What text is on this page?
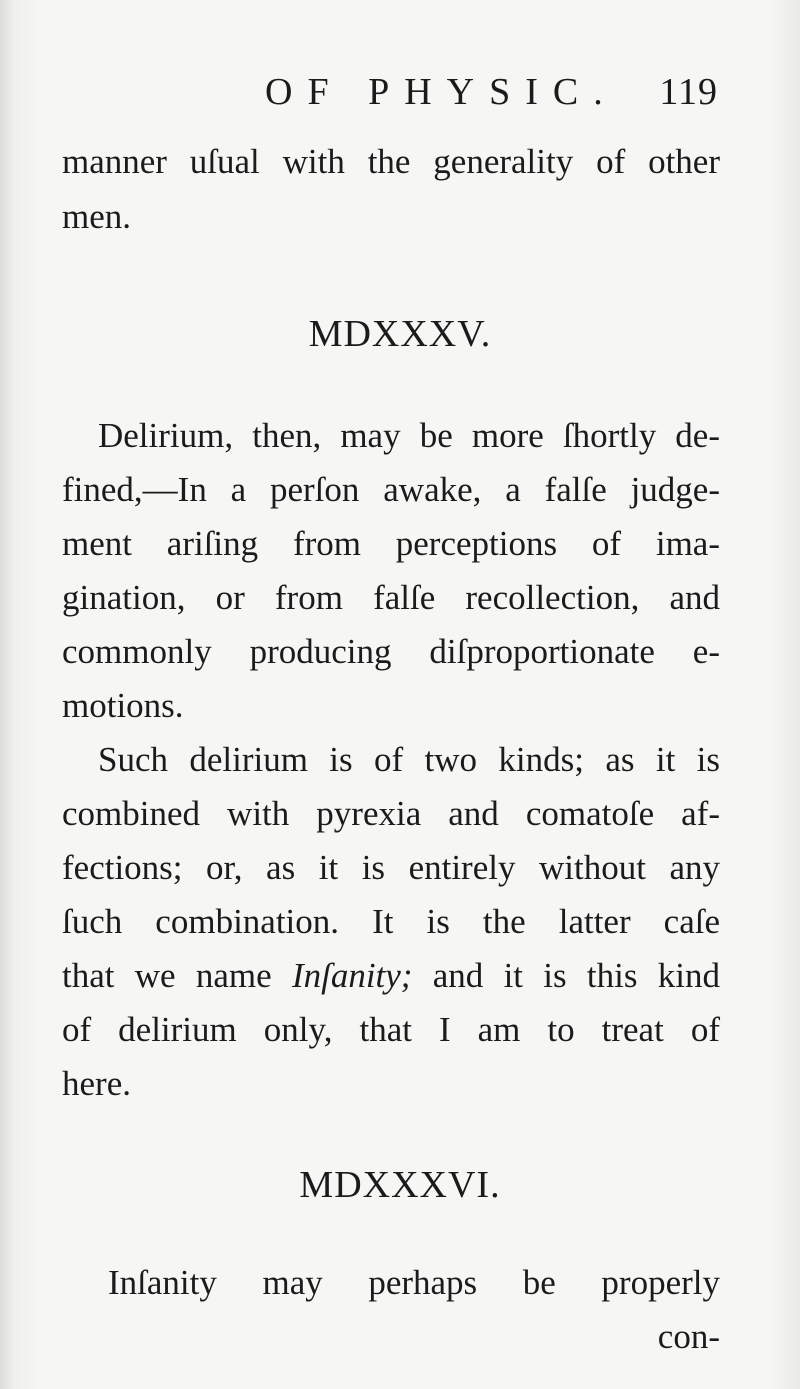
OF PHYSIC. 119
manner uſual with the generality of other
men.
MDXXXV.
Delirium, then, may be more ſhortly de-
fined,—In a perſon awake, a falſe judge-
ment ariſing from perceptions of ima-
gination, or from falſe recollection, and
commonly producing diſproportionate e-
motions.
Such delirium is of two kinds; as it is
combined with pyrexia and comatoſe af-
fections; or, as it is entirely without any
ſuch combination. It is the latter caſe
that we name Inſanity; and it is this kind
of delirium only, that I am to treat of
here.
MDXXXVI.
Inſanity may perhaps be properly
con-
